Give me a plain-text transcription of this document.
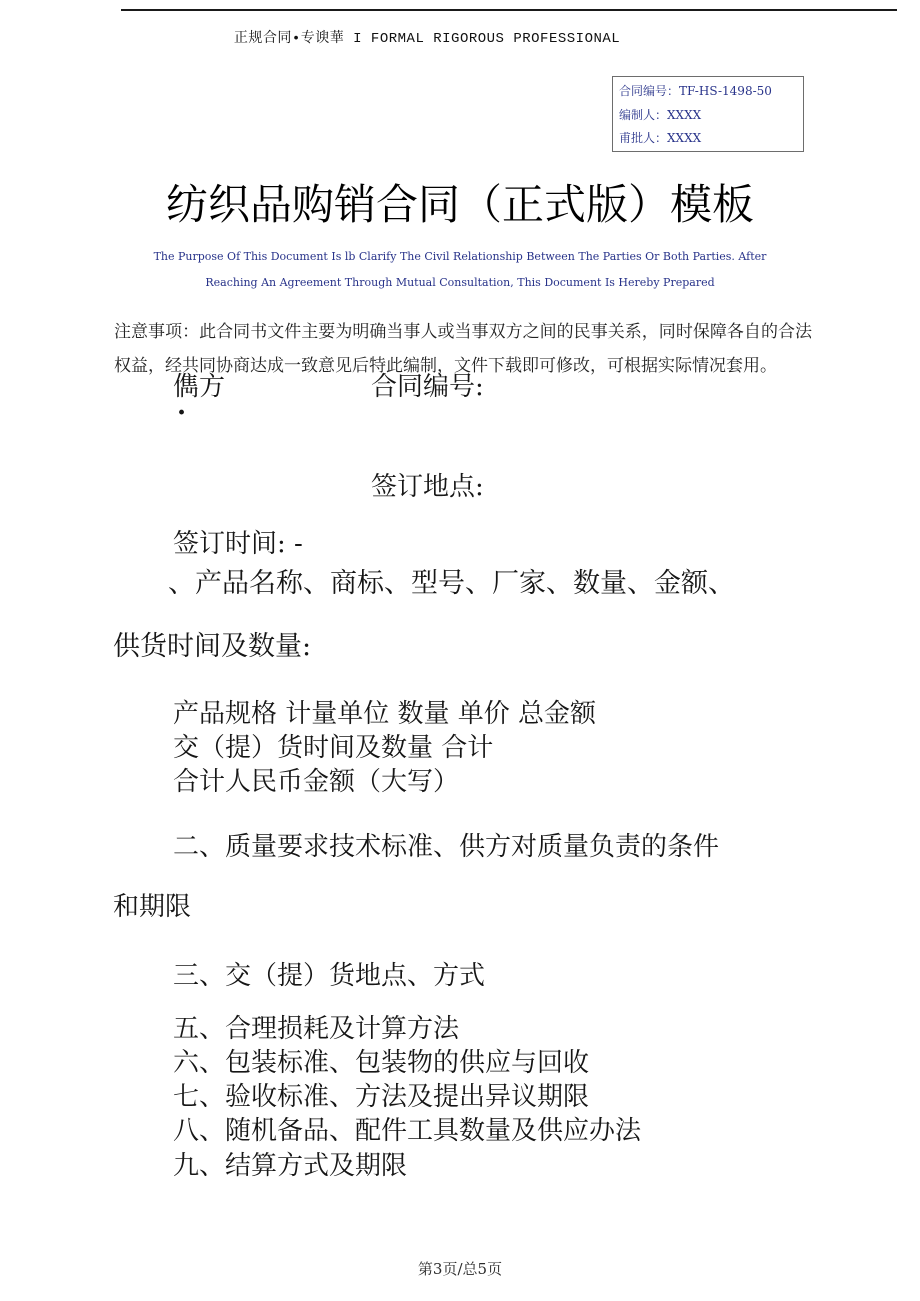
正规合同•专谀華 I FORMAL RIGOROUS PROFESSIONAL
合同编号：TF-HS-1498-50
编制人：XXXX
甫批人：XXXX
纺织品购销合同（正式版）模板
The Purpose Of This Document Is lb Clarify The Civil Relationship Between The Parties Or Both Parties. After
Reaching An Agreement Through Mutual Consultation, This Document Is Hereby Prepared
注意事项：此合同书文件主要为明确当事人或当事双方之间的民事关系，同时保障各自的合法权益，经共同协商达成一致意见后特此编制，文件下载即可修改，可根据实际情况套用。
儁方	合同编号:
·
签订地点:
签订时间: -
、产品名称、商标、型号、厂家、数量、金额、
供货时间及数量:
产品规格 计量单位 数量 单价 总金额
交（提）货时间及数量 合计
合计人民币金额（大写）
二、质量要求技术标准、供方对质量负责的条件
和期限
三、交（提）货地点、方式
五、合理损耗及计算方法
六、包装标准、包装物的供应与回收
七、验收标准、方法及提出异议期限
八、随机备品、配件工具数量及供应办法
九、结算方式及期限
第3页/总5页
